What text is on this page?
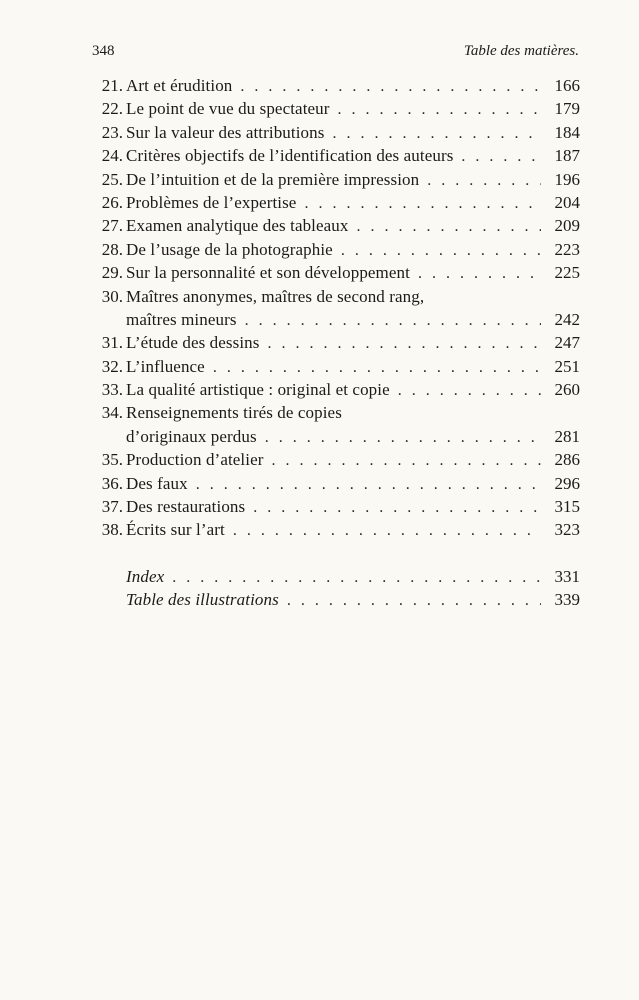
348	Table des matières.
21. Art et érudition . . .	166
22. Le point de vue du spectateur . . .	179
23. Sur la valeur des attributions . . .	184
24. Critères objectifs de l’identification des auteurs . . .	187
25. De l’intuition et de la première impression . . .	196
26. Problèmes de l’expertise . . .	204
27. Examen analytique des tableaux . . .	209
28. De l’usage de la photographie . . .	223
29. Sur la personnalité et son développement . . .	225
30. Maîtres anonymes, maîtres de second rang,
maîtres mineurs . . .	242
31. L’étude des dessins . . .	247
32. L’influence . . .	251
33. La qualité artistique : original et copie . . .	260
34. Renseignements tirés de copies
d’originaux perdus . . .	281
35. Production d’atelier . . .	286
36. Des faux . . .	296
37. Des restaurations . . .	315
38. Écrits sur l’art . . .	323
Index . . .	331
Table des illustrations . . .	339
